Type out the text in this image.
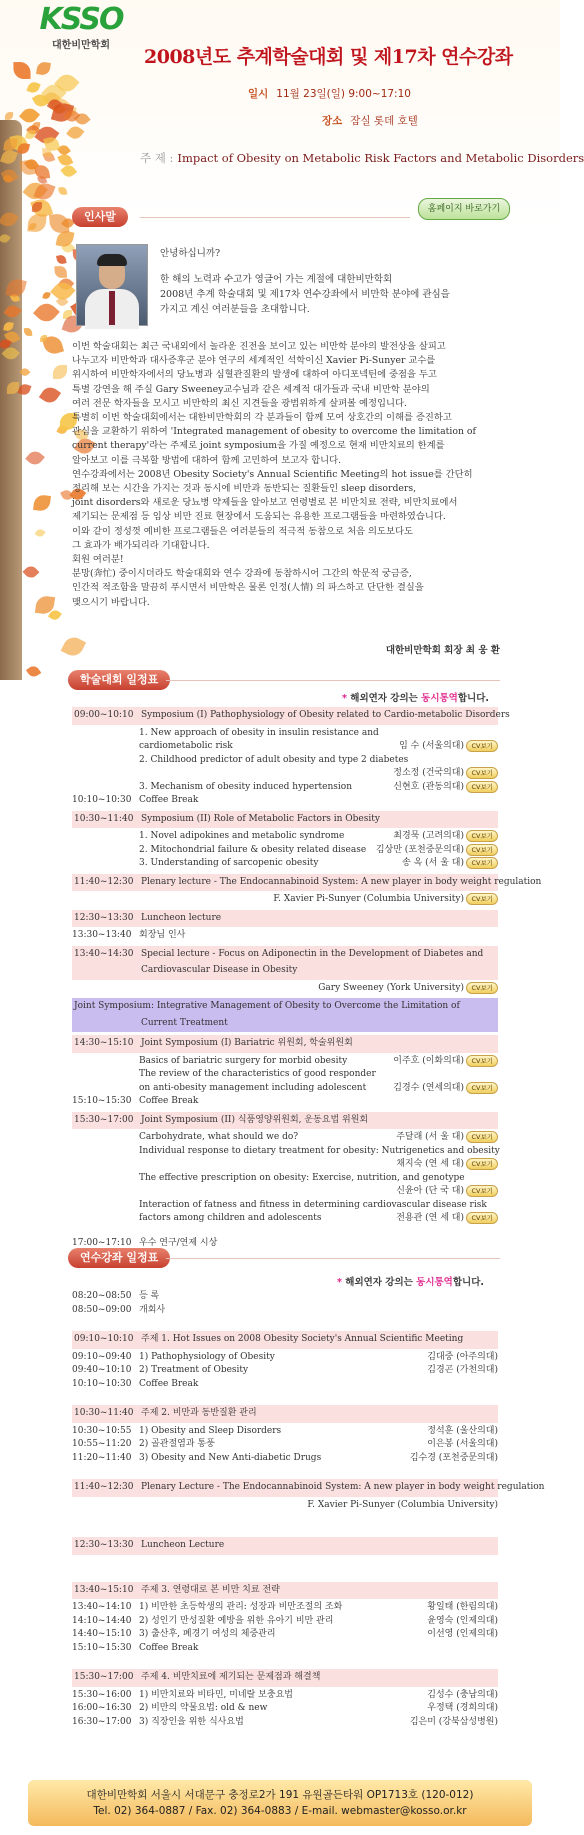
KSSO
대한비만학회
2008년도 추계학술대회 및 제17차 연수강좌
일시 11월 23일(일) 9:00~17:10
장소 잠실 롯데 호텔
주 제 : Impact of Obesity on Metabolic Risk Factors and Metabolic Disorders
홈페이지 바로가기
인사말
안녕하십니까?
한 해의 노력과 수고가 영글어 가는 계절에 대한비만학회
2008년 추계 학술대회 및 제17차 연수강좌에서 비만학 분야에 관심을
가지고 계신 여러분들을 초대합니다.

이번 학술대회는 최근 국내외에서 놀라운 진전을 보이고 있는 비만학 분야의 발전상을 살피고

나누고자 비만학과 대사증후군 분야 연구의 세계적인 석학이신 Xavier Pi-Sunyer 교수를

위시하여 비만학자에서의 당뇨병과 심혈관질환의 발생에 대하여 아디포넥틴에 중점을 두고

특별 강연을 해 주실 Gary Sweeney교수님과 같은 세계적 대가들과 국내 비만학 분야의

여러 전문 학자들을 모시고 비만학의 최신 지견들을 광범위하게 살펴볼 예정입니다.

특별히 이번 학술대회에서는 대한비만학회의 각 분과들이 함께 모여 상호간의 이해를 증진하고

관심을 교환하기 위하여 'Integrated management of obesity to overcome the limitation of

current therapy'라는 주제로 joint symposium을 가질 예정으로 현재 비만치료의 한계를

알아보고 이를 극복할 방법에 대하여 함께 고민하여 보고자 합니다.

연수강좌에서는 2008년 Obesity Society's Annual Scientific Meeting의 hot issue를 간단히

정리해 보는 시간을 가지는 것과 동시에 비만과 동반되는 질환들인 sleep disorders,

joint disorders와 새로운 당뇨병 약제들을 알아보고 연령별로 본 비만치료 전략, 비만치료에서

제기되는 문제점 등 임상 비만 진료 현장에서 도움되는 유용한 프로그램들을 마련하였습니다.

이와 같이 정성껏 예비한 프로그램들은 여러분들의 적극적 동참으로 처음 의도보다도

그 효과가 배가되리라 기대합니다.

회원 여러분!

분망(奔忙) 중이시더라도 학술대회와 연수 강좌에 동참하시어 그간의 학문적 궁금증,

인간적 적조함을 말끔히 푸시면서 비만학은 물론 인정(人情) 의 파스하고 단단한 결실을

맺으시기 바랍니다.

대한비만학회 회장 최 웅 환
학술대회 일정표
* 해외연자 강의는 동시통역합니다.
09:00~10:10 Symposium (I) Pathophysiology of Obesity related to Cardio-metabolic Disorders
1. New approach of obesity in insulin resistance and
cardiometabolic risk	임 수 (서울의대)	CV보기
2. Childhood predictor of adult obesity and type 2 diabetes
정소정 (건국의대)	CV보기
3. Mechanism of obesity induced hypertension	신현호 (관동의대)	CV보기
10:10~10:30 Coffee Break
10:30~11:40 Symposium (II) Role of Metabolic Factors in Obesity
1. Novel adipokines and metabolic syndrome	최경묵 (고려의대)	CV보기
2. Mitochondrial failure & obesity related disease	김상만 (포천중문의대)	CV보기
3. Understanding of sarcopenic obesity	송 옥 (서 울 대)	CV보기
11:40~12:30 Plenary lecture - The Endocannabinoid System: A new player in body weight regulation
F. Xavier Pi-Sunyer (Columbia University)	CV보기
12:30~13:30 Luncheon lecture
13:30~13:40 회장님 인사
13:40~14:30 Special lecture - Focus on Adiponectin in the Development of Diabetes and
Cardiovascular Disease in Obesity
Gary Sweeney (York University)	CV보기
Joint Symposium: Integrative Management of Obesity to Overcome the Limitation of
Current Treatment
14:30~15:10 Joint Symposium (I) Bariatric 위원회, 학술위원회
Basics of bariatric surgery for morbid obesity	이주호 (이화의대)	CV보기
The review of the characteristics of good responder
on anti-obesity management including adolescent	김경수 (연세의대)	CV보기
15:10~15:30 Coffee Break
15:30~17:00 Joint Symposium (II) 식품영양위원회, 운동요법 위원회
Carbohydrate, what should we do?	주달래 (서 울 대)	CV보기
Individual response to dietary treatment for obesity: Nutrigenetics and obesity
채지숙 (연 세 대)	CV보기
The effective prescription on obesity: Exercise, nutrition, and genotype
신윤아 (단 국 대)	CV보기
Interaction of fatness and fitness in determining cardiovascular disease risk
factors among children and adolescents	전용관 (연 세 대)	CV보기
17:00~17:10 우수 연구/연제 시상
연수강좌 일정표
* 해외연자 강의는 동시통역합니다.
08:20~08:50 등 록
08:50~09:00 개회사
09:10~10:10 주제 1. Hot Issues on 2008 Obesity Society's Annual Scientific Meeting
09:10~09:40 1) Pathophysiology of Obesity	김대중 (아주의대)
09:40~10:10 2) Treatment of Obesity	김경곤 (가천의대)
10:10~10:30 Coffee Break
10:30~11:40 주제 2. 비만과 동반질환 관리
10:30~10:55 1) Obesity and Sleep Disorders	정석훈 (울산의대)
10:55~11:20 2) 골관절염과 통풍	이은봉 (서울의대)
11:20~11:40 3) Obesity and New Anti-diabetic Drugs	김수경 (포천중문의대)
11:40~12:30 Plenary Lecture - The Endocannabinoid System: A new player in body weight regulation
F. Xavier Pi-Sunyer (Columbia University)
12:30~13:30 Luncheon Lecture
13:40~15:10 주제 3. 연령대로 본 비만 치료 전략
13:40~14:10 1) 비만한 초등학생의 관리: 성장과 비만조절의 조화	황일태 (한림의대)
14:10~14:40 2) 성인기 만성질환 예방을 위한 유아기 비만 관리	윤영숙 (인제의대)
14:40~15:10 3) 출산후, 폐경기 여성의 체중관리	이선영 (인제의대)
15:10~15:30 Coffee Break
15:30~17:00 주제 4. 비만치료에 제기되는 문제점과 해결책
15:30~16:00 1) 비만치료와 비타민, 미네랄 보충요법	김성수 (충남의대)
16:00~16:30 2) 비만의 약물요법: old & new	우정택 (경희의대)
16:30~17:00 3) 직장인을 위한 식사요법	김은미 (강북삼성병원)
대한비만학회 서울시 서대문구 충정로2가 191 유원골든타워 OP1713호 (120-012)
Tel. 02) 364-0887 / Fax. 02) 364-0883 / E-mail. webmaster@kosso.or.kr
